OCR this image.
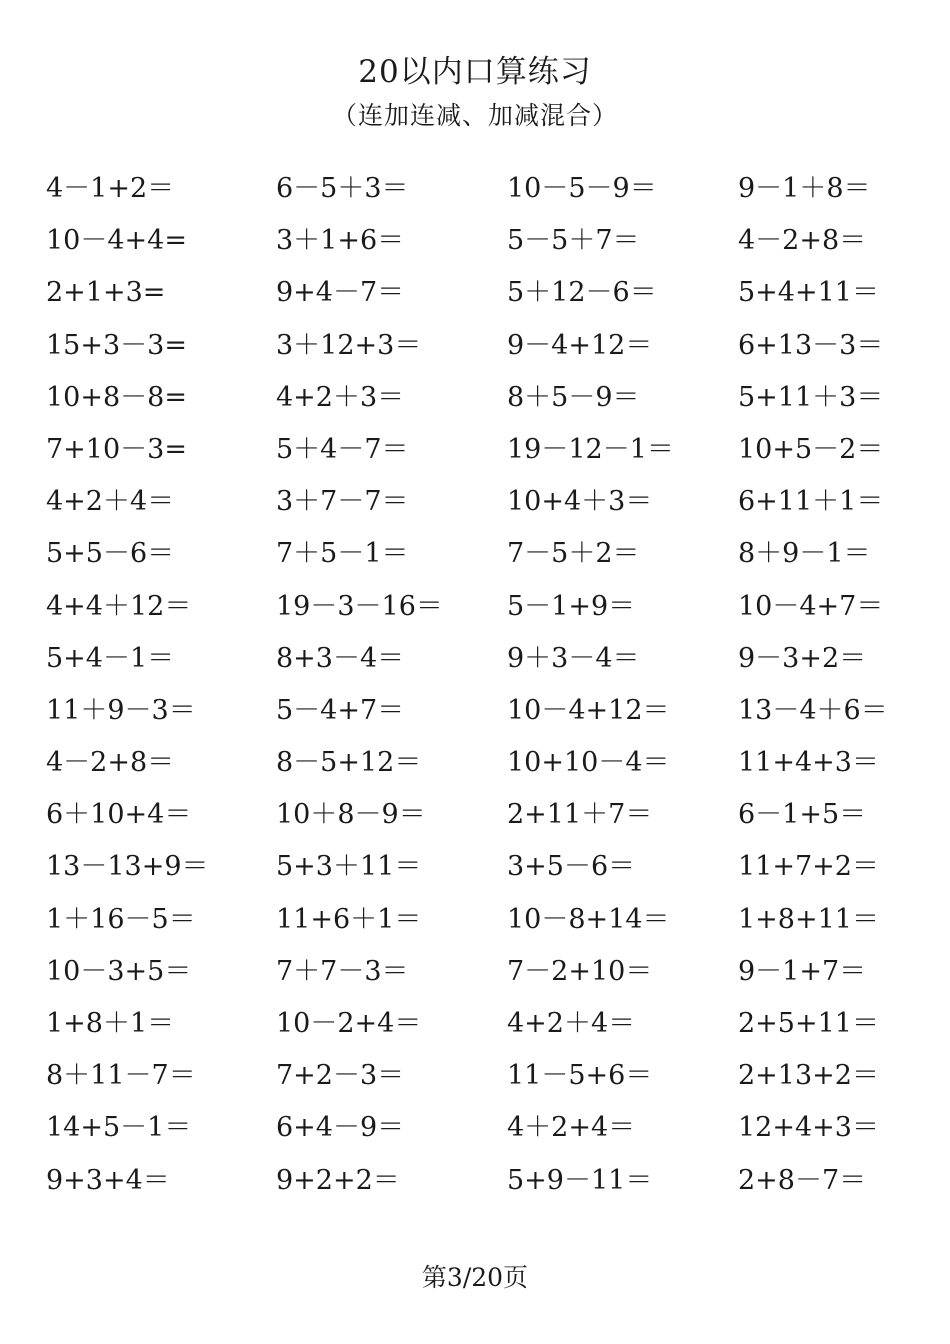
20以内口算练习
（连加连减、加减混合）
4－1+2＝	6－5＋3＝	10－5－9＝	9－1＋8＝
10－4+4=	3＋1+6＝	5－5＋7＝	4－2+8＝
2+1+3=	9+4－7＝	5＋12－6＝	5+4+11＝
15+3－3=	3＋12+3＝	9－4+12＝	6+13－3＝
10+8－8=	4+2＋3＝	8＋5－9＝	5+11＋3＝
7+10－3=	5＋4－7＝	19－12－1＝ 10+5－2＝
4+2＋4＝	3＋7－7＝	10+4＋3＝	6+11＋1＝
5+5－6＝	7＋5－1＝	7－5＋2＝	8＋9－1＝
4+4＋12＝	19－3－16＝ 5－1+9＝	10－4+7＝
5+4－1＝	8+3－4＝	9＋3－4＝	9－3+2＝
11＋9－3＝	5－4+7＝	10－4+12＝	13－4＋6＝
4－2+8＝	8－5+12＝	10+10－4＝	11+4+3＝
6＋10+4＝	10＋8－9＝	2+11＋7＝	6－1+5＝
13－13+9＝ 5+3＋11＝	3+5－6＝	11+7+2＝
1＋16－5＝	11+6＋1＝	10－8+14＝	1+8+11＝
10－3+5＝	7＋7－3＝	7－2+10＝	9－1+7＝
1+8＋1＝	10－2+4＝	4+2＋4＝	2+5+11＝
8＋11－7＝	7+2－3＝	11－5+6＝	2+13+2＝
14+5－1＝	6+4－9＝	4＋2+4＝	12+4+3＝
9+3+4＝	9+2+2＝	5+9－11＝	2+8－7＝
第3/20页
